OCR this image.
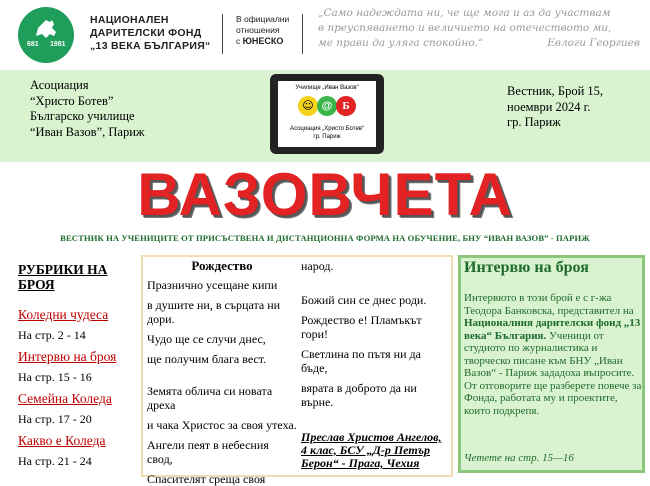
681 1981
НАЦИОНАЛЕН
ДАРИТЕЛСКИ ФОНД
„13 ВЕКА БЪЛГАРИЯ“
В официални
отношения
с ЮНЕСКО
„Само надеждата ни, че ще мога и аз да участвам
в преуспяването и величието на отечеството ми,
ме прави да улягa спокойно.“	Евлоги Георгиев
Асоциация
“Христо Ботев”
Българско училище
“Иван Вазов”, Париж
Училище „Иван Вазов“
☺ @ Б
Асоциация „Христо Ботев“
гр. Париж
Вестник, Брой 15,
ноември 2024 г.
гр. Париж
ВАЗОВЧЕТА
ВЕСТНИК НА УЧЕНИЦИТЕ ОТ ПРИСЪСТВЕНА И ДИСТАНЦИОННА ФОРМА НА ОБУЧЕНИЕ, БНУ “ИВАН ВАЗОВ” - ПАРИЖ
РУБРИКИ НА
БРОЯ
Коледни чудеса
На стр. 2 - 14
Интервю на броя
На стр. 15 - 16
Семейна Коледа
На стр. 17 - 20
Какво е Коледа
На стр. 21 - 24

Рождество

Празнично усещане кипи

в душите ни, в сърцата ни дори.

Чудо ще се случи днес,

ще получим блага вест.

Земята облича си новата дреха

и чака Христос за своя утеха.

Ангели пеят в небесния свод,

Спасителят среща своя

народ.

Божий син се днес роди.

Рождество е! Пламъкът гори!

Светлина по пътя ни да бъде,

вярата в доброто да ни върне.

Преслав Христов Ангелов, 4 клас, БСУ „Д-р Петър Берон“ - Прага, Чехия

Интервю на броя
Интервюто в този брой е с г-жа Теодора Банковска, предстaвител на Националния дарителски фонд „13 века“ България. Ученици от студиото по журналистика и творческо писане към БНУ „Иван Вазов“ - Париж зададоха въпросите. От отговорите ще разберете повече за Фонда, работата му и проектите, които подкрепя.
Четете на стр. 15—16
